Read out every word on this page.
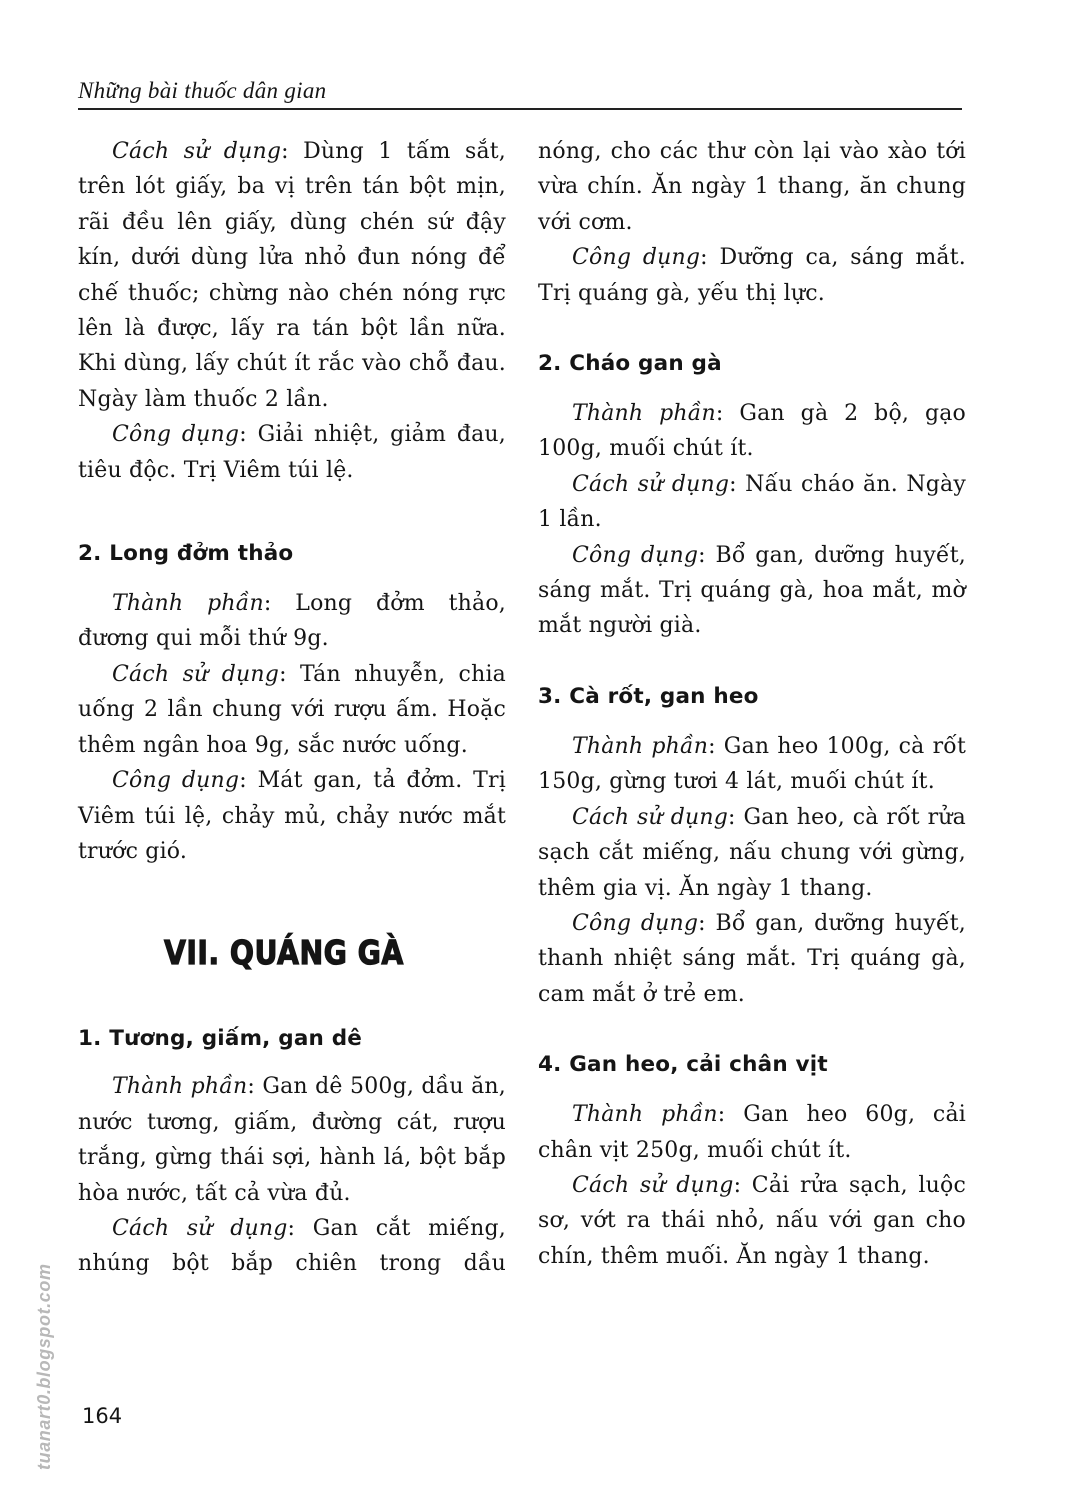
Những bài thuốc dân gian

Cách sử dụng: Dùng 1 tấm sắt, trên lót giấy, ba vị trên tán bột mịn, rãi đều lên giấy, dùng chén sứ đậy kín, dưới dùng lửa nhỏ đun nóng để chế thuốc; chừng nào chén nóng rực lên là được, lấy ra tán bột lần nữa. Khi dùng, lấy chút ít rắc vào chỗ đau. Ngày làm thuốc 2 lần.

Công dụng: Giải nhiệt, giảm đau, tiêu độc. Trị Viêm túi lệ.

2. Long đởm thảo

Thành phần: Long đởm thảo, đương qui mỗi thứ 9g.

Cách sử dụng: Tán nhuyễn, chia uống 2 lần chung với rượu ấm. Hoặc thêm ngân hoa 9g, sắc nước uống.

Công dụng: Mát gan, tả đởm. Trị Viêm túi lệ, chảy mủ, chảy nước mắt trước gió.

VII. QUÁNG GÀ
1. Tương, giấm, gan dê

Thành phần: Gan dê 500g, dầu ăn, nước tương, giấm, đường cát, rượu trắng, gừng thái sợi, hành lá, bột bắp hòa nước, tất cả vừa đủ.

Cách sử dụng: Gan cắt miếng, nhúng bột bắp chiên trong dầu

nóng, cho các thư còn lại vào xào tới vừa chín. Ăn ngày 1 thang, ăn chung với cơm.

Công dụng: Dưỡng ca, sáng mắt. Trị quáng gà, yếu thị lực.

2. Cháo gan gà

Thành phần: Gan gà 2 bộ, gạo 100g, muối chút ít.

Cách sử dụng: Nấu cháo ăn. Ngày 1 lần.

Công dụng: Bổ gan, dưỡng huyết, sáng mắt. Trị quáng gà, hoa mắt, mờ mắt người già.

3. Cà rốt, gan heo

Thành phần: Gan heo 100g, cà rốt 150g, gừng tươi 4 lát, muối chút ít.

Cách sử dụng: Gan heo, cà rốt rửa sạch cắt miếng, nấu chung với gừng, thêm gia vị. Ăn ngày 1 thang.

Công dụng: Bổ gan, dưỡng huyết, thanh nhiệt sáng mắt. Trị quáng gà, cam mắt ở trẻ em.

4. Gan heo, cải chân vịt

Thành phần: Gan heo 60g, cải chân vịt 250g, muối chút ít.

Cách sử dụng: Cải rửa sạch, luộc sơ, vớt ra thái nhỏ, nấu với gan cho chín, thêm muối. Ăn ngày 1 thang.

164
tuanart0.blogspot.com
